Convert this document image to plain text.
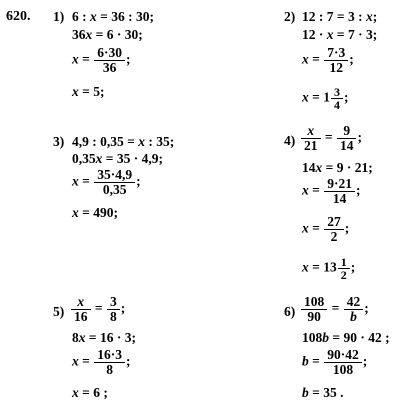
620. 1) 6 : x = 36 : 30;
36x = 6 · 30;
$x = \frac{6\cdot 30}{36}$ ;
x = 5;
2) 12 : 7 = 3 : x;
12 · x = 7 · 3;
$x = \frac{7\cdot 3}{12}$ ;
$x = 1 \frac{3}{4}$ ;
3) 4,9 : 0,35 = x : 35;
0,35x = 35 · 4,9;
$x = \frac{35\cdot 4,9}{0,35}$ ;
x = 490;
$4) \frac{x}{21} = \frac{9}{14}$ ;
14x = 9 · 21;
$x = \frac{9\cdot 21}{14}$ ;
$x = \frac{27}{2}$ ;
$x = 13 \frac{1}{2}$ ;
$5) \frac{x}{16} = \frac{3}{8}$ ;
8x = 16 · 3;
$x = \frac{16\cdot 3}{8}$ ;
x = 6 ;
$6) \frac{108}{90} = \frac{42}{b}$ ;
108b = 90 · 42 ;
$b = \frac{90\cdot 42}{108}$ ;
b = 35 .
